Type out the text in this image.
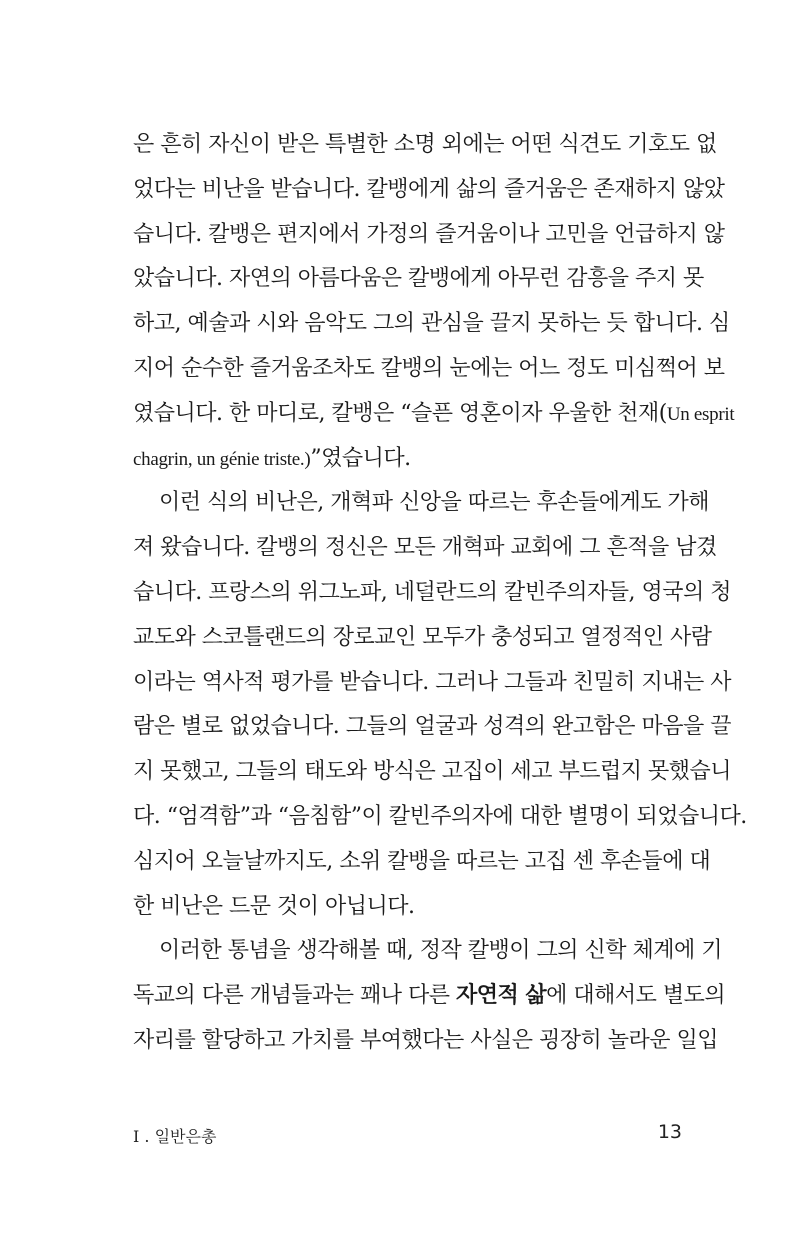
은 흔히 자신이 받은 특별한 소명 외에는 어떤 식견도 기호도 없
었다는 비난을 받습니다. 칼뱅에게 삶의 즐거움은 존재하지 않았
습니다. 칼뱅은 편지에서 가정의 즐거움이나 고민을 언급하지 않
았습니다. 자연의 아름다움은 칼뱅에게 아무런 감흥을 주지 못
하고, 예술과 시와 음악도 그의 관심을 끌지 못하는 듯 합니다. 심
지어 순수한 즐거움조차도 칼뱅의 눈에는 어느 정도 미심쩍어 보
였습니다. 한 마디로, 칼뱅은 “슬픈 영혼이자 우울한 천재(Un esprit
chagrin, un génie triste.)”였습니다.
이런 식의 비난은, 개혁파 신앙을 따르는 후손들에게도 가해
져 왔습니다. 칼뱅의 정신은 모든 개혁파 교회에 그 흔적을 남겼
습니다. 프랑스의 위그노파, 네덜란드의 칼빈주의자들, 영국의 청
교도와 스코틀랜드의 장로교인 모두가 충성되고 열정적인 사람
이라는 역사적 평가를 받습니다. 그러나 그들과 친밀히 지내는 사
람은 별로 없었습니다. 그들의 얼굴과 성격의 완고함은 마음을 끌
지 못했고, 그들의 태도와 방식은 고집이 세고 부드럽지 못했습니
다. “엄격함”과 “음침함”이 칼빈주의자에 대한 별명이 되었습니다.
심지어 오늘날까지도, 소위 칼뱅을 따르는 고집 센 후손들에 대
한 비난은 드문 것이 아닙니다.
이러한 통념을 생각해볼 때, 정작 칼뱅이 그의 신학 체계에 기
독교의 다른 개념들과는 꽤나 다른 자연적 삶에 대해서도 별도의
자리를 할당하고 가치를 부여했다는 사실은 굉장히 놀라운 일입
I . 일반은총	13
